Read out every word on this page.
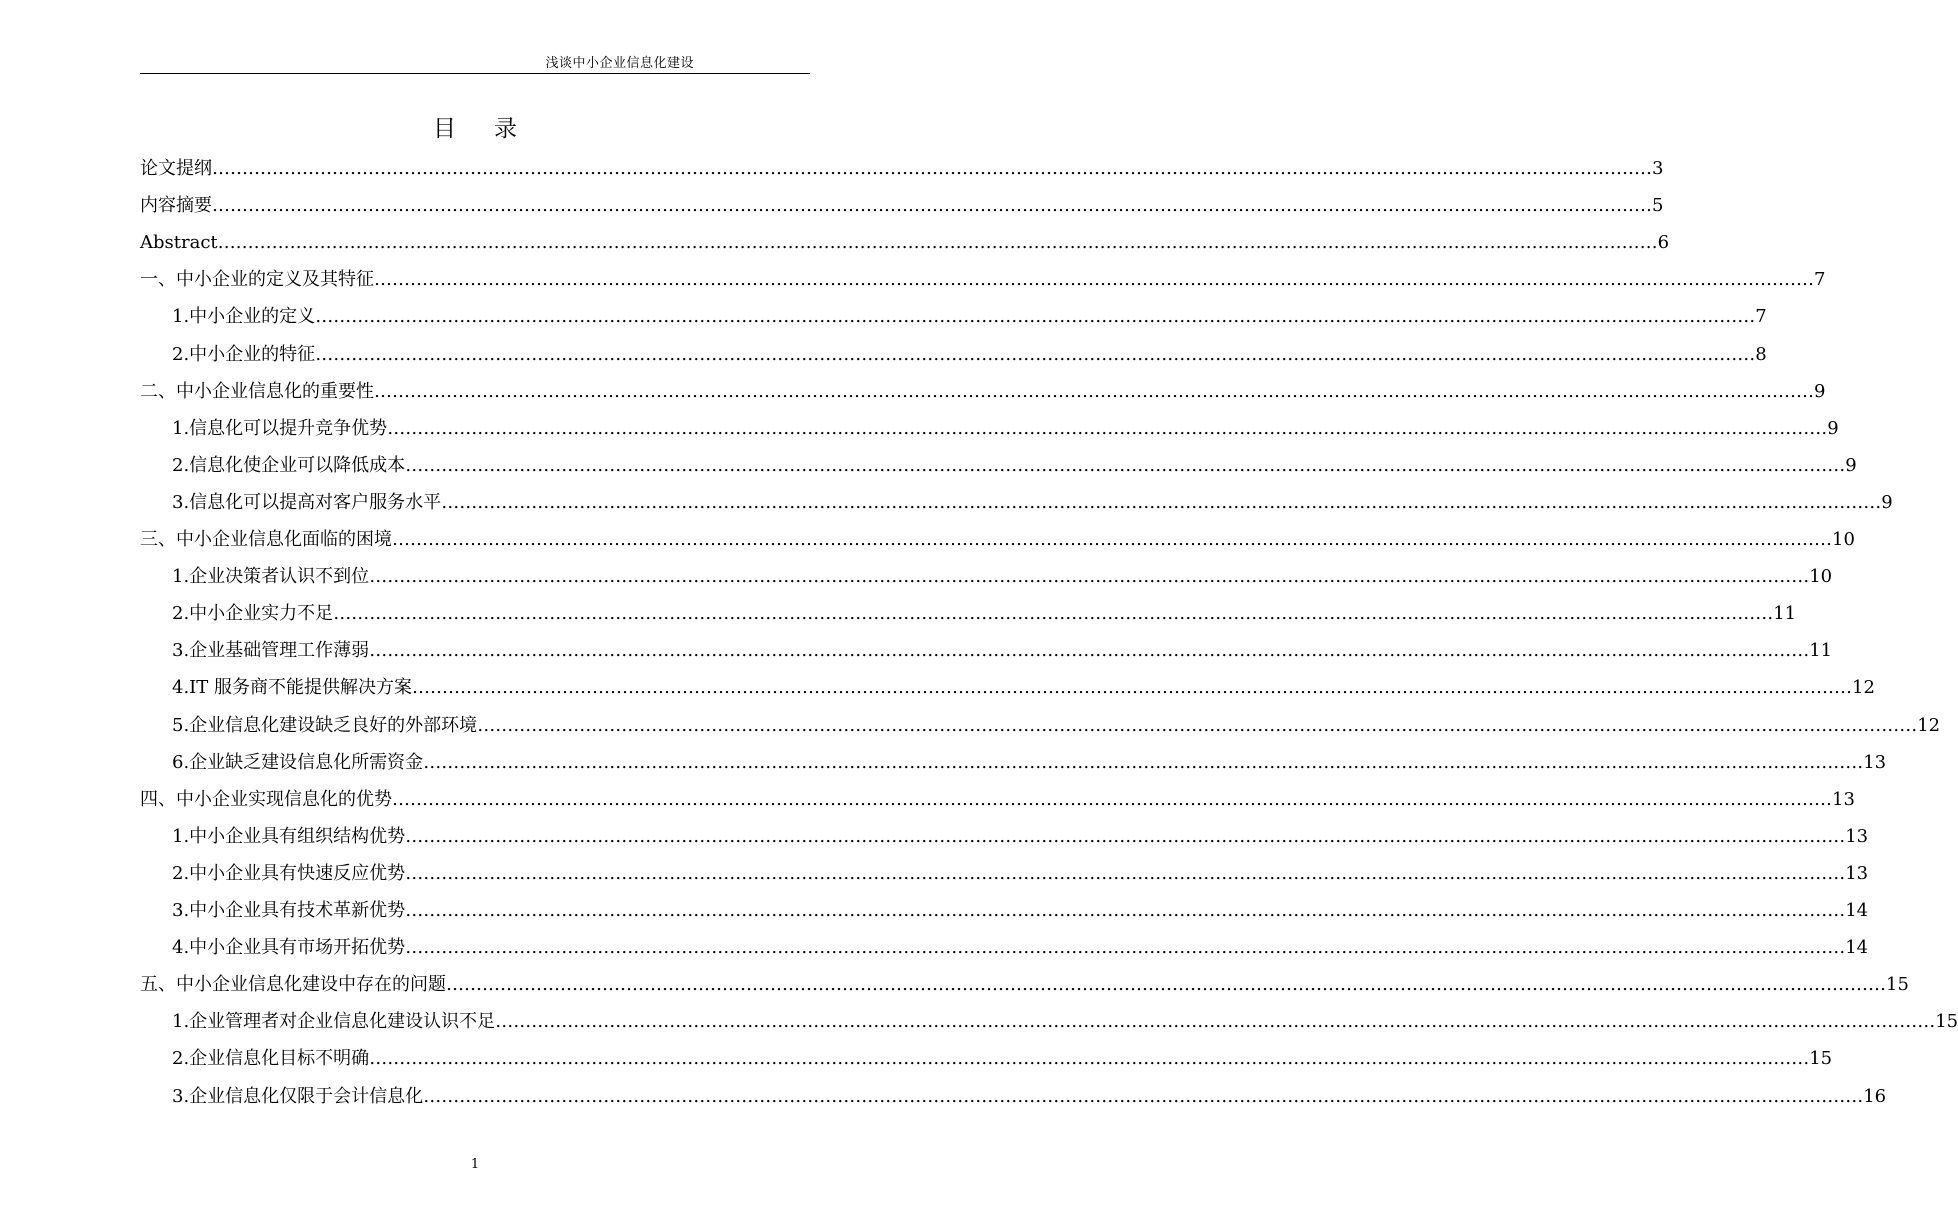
浅谈中小企业信息化建设
目录
论文提纲 …………………………………………………………………………………………………………………………………………………………………………………………………………………… 3
内容摘要 …………………………………………………………………………………………………………………………………………………………………………………………………………………… 5
Abstract …………………………………………………………………………………………………………………………………………………………………………………………………………………… 6
一、中小企业的定义及其特征 …………………………………………………………………………………………………………………………………………………………………………………………………………………… 7
1.中小企业的定义 …………………………………………………………………………………………………………………………………………………………………………………………………………………… 7
2.中小企业的特征 …………………………………………………………………………………………………………………………………………………………………………………………………………………… 8
二、中小企业信息化的重要性 …………………………………………………………………………………………………………………………………………………………………………………………………………………… 9
1.信息化可以提升竞争优势 …………………………………………………………………………………………………………………………………………………………………………………………………………………… 9
2.信息化使企业可以降低成本 …………………………………………………………………………………………………………………………………………………………………………………………………………………… 9
3.信息化可以提高对客户服务水平 …………………………………………………………………………………………………………………………………………………………………………………………………………………… 9
三、中小企业信息化面临的困境 …………………………………………………………………………………………………………………………………………………………………………………………………………………… 10
1.企业决策者认识不到位 …………………………………………………………………………………………………………………………………………………………………………………………………………………… 10
2.中小企业实力不足 …………………………………………………………………………………………………………………………………………………………………………………………………………………… 11
3.企业基础管理工作薄弱 …………………………………………………………………………………………………………………………………………………………………………………………………………………… 11
4.IT 服务商不能提供解决方案 …………………………………………………………………………………………………………………………………………………………………………………………………………………… 12
5.企业信息化建设缺乏良好的外部环境 …………………………………………………………………………………………………………………………………………………………………………………………………………………… 12
6.企业缺乏建设信息化所需资金 …………………………………………………………………………………………………………………………………………………………………………………………………………………… 13
四、中小企业实现信息化的优势 …………………………………………………………………………………………………………………………………………………………………………………………………………………… 13
1.中小企业具有组织结构优势 …………………………………………………………………………………………………………………………………………………………………………………………………………………… 13
2.中小企业具有快速反应优势 …………………………………………………………………………………………………………………………………………………………………………………………………………………… 13
3.中小企业具有技术革新优势 …………………………………………………………………………………………………………………………………………………………………………………………………………………… 14
4.中小企业具有市场开拓优势 …………………………………………………………………………………………………………………………………………………………………………………………………………………… 14
五、中小企业信息化建设中存在的问题 …………………………………………………………………………………………………………………………………………………………………………………………………………………… 15
1.企业管理者对企业信息化建设认识不足 …………………………………………………………………………………………………………………………………………………………………………………………………………………… 15
2.企业信息化目标不明确 …………………………………………………………………………………………………………………………………………………………………………………………………………………… 15
3.企业信息化仅限于会计信息化 …………………………………………………………………………………………………………………………………………………………………………………………………………………… 16
1
